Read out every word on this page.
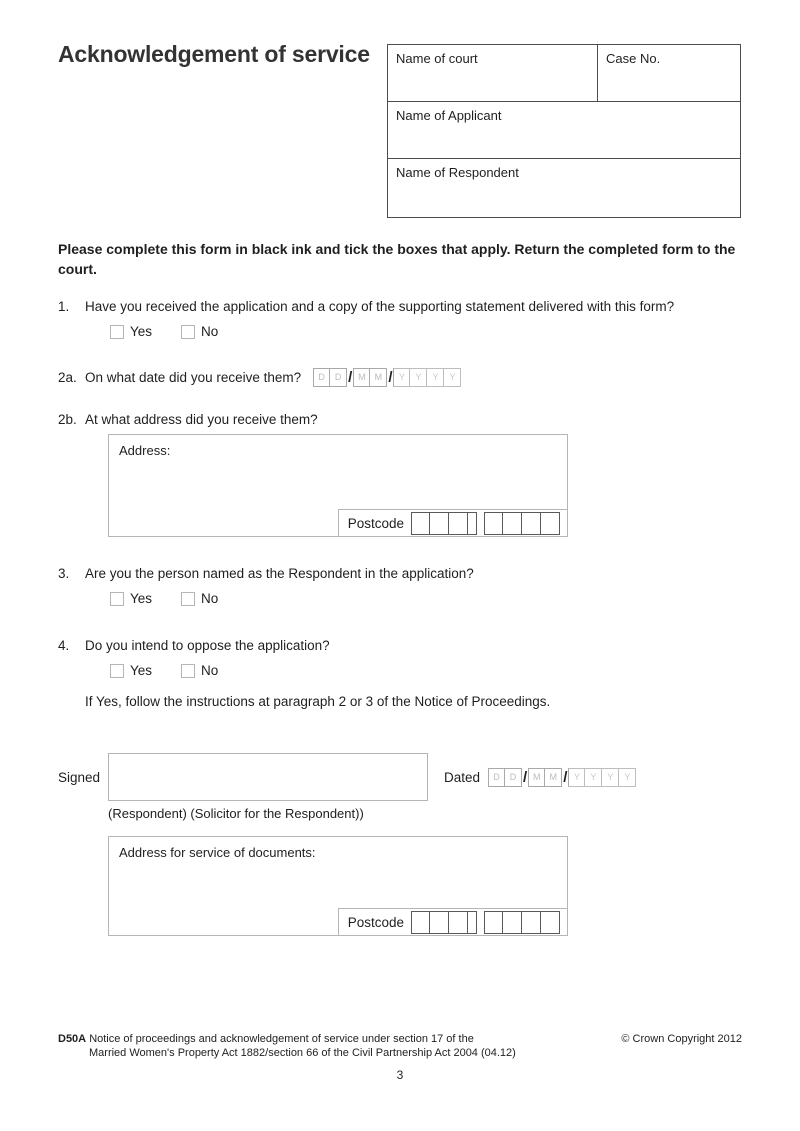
Acknowledgement of service	Name of court	Case No.
Name of Applicant
Name of Respondent

Please complete this form in black ink and tick the boxes that apply. Return the completed form to the court.

1.	Have you received the application and a copy of the supporting statement delivered with this form?
Yes	No
2a. On what date did you receive them?	D	D / M	M / Y	Y	Y	Y
2b. At what address did you receive them?
Address:
Postcode
3.	Are you the person named as the Respondent in the application?
Yes	No
4.	Do you intend to oppose the application?
Yes	No

If Yes, follow the instructions at paragraph 2 or 3 of the Notice of Proceedings.

Signed	Dated	D	D / M	M / Y	Y	Y	Y

(Respondent) (Solicitor for the Respondent))

Address for service of documents:
Postcode
D50A Notice of proceedings and acknowledgement of service under section 17 of the
Married Women's Property Act 1882/section 66 of the Civil Partnership Act 2004 (04.12)
© Crown Copyright 2012
3
